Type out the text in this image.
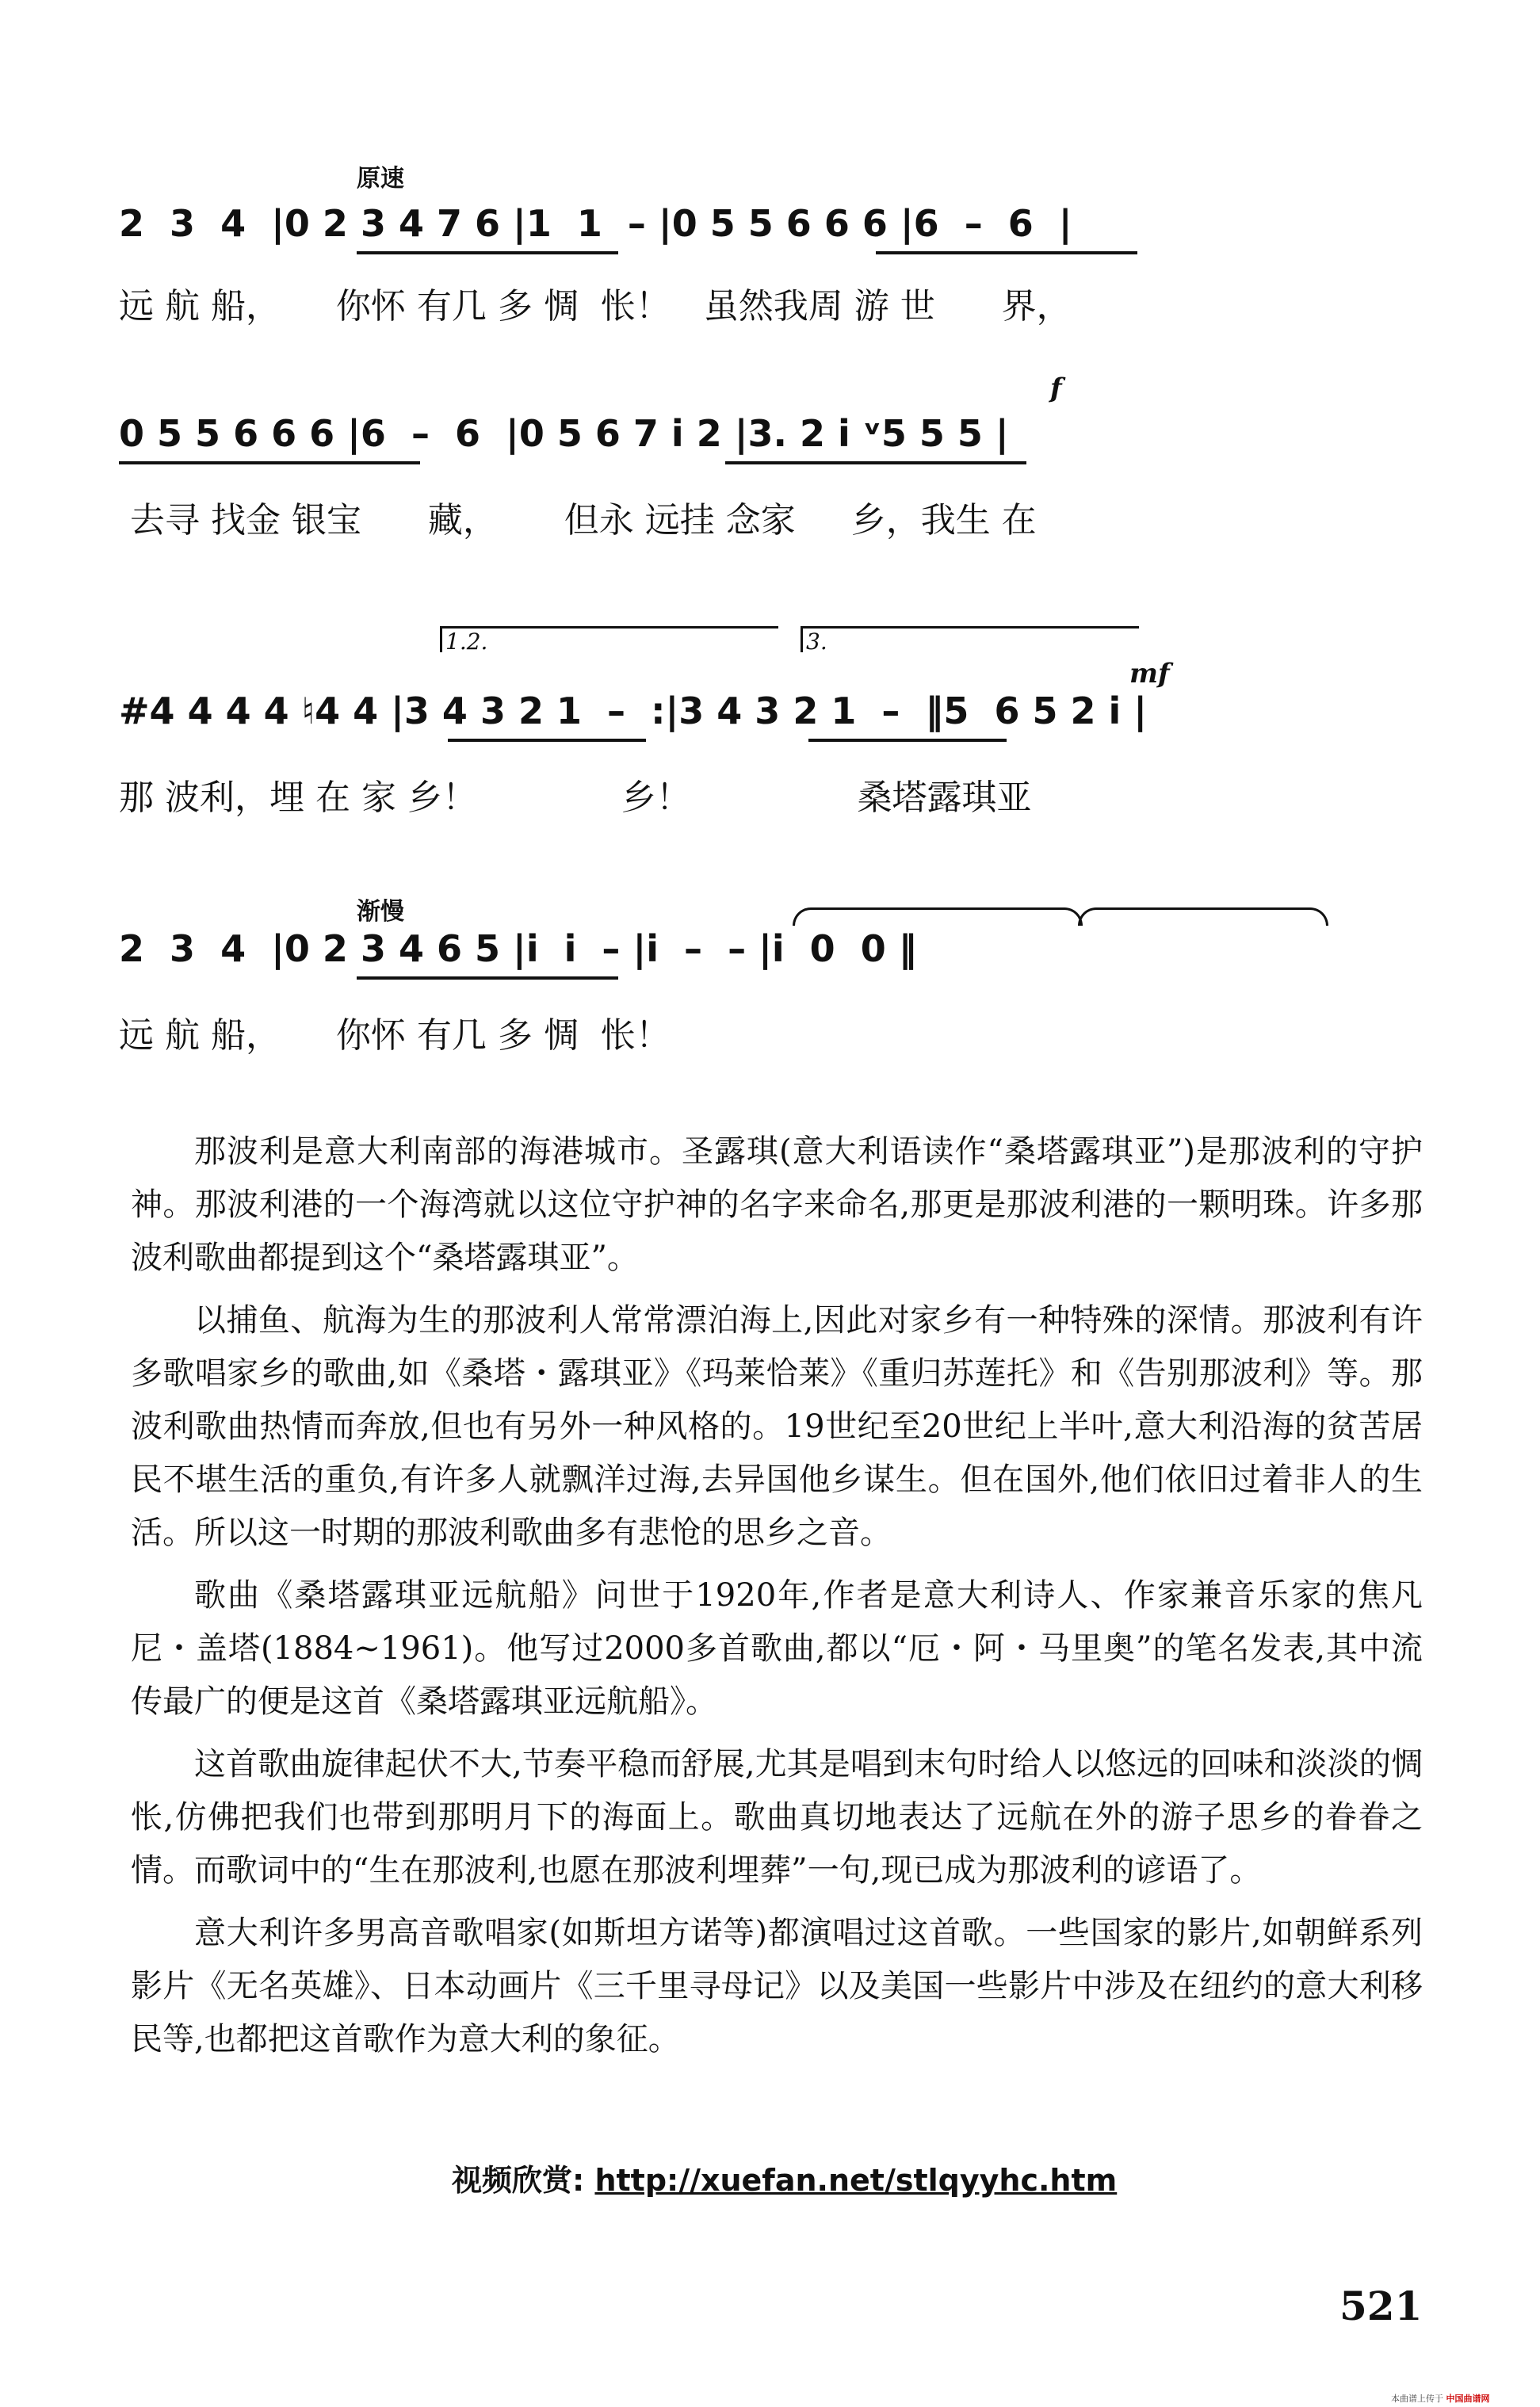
原速
2  3  4  |0 2 3 4 7 6 |1  1  – |0 5 5 6 6 6 |6  –  6  |
远 航 船，     你怀 有几 多 惆  怅！   虽然我周 游 世      界，
f
0 5 5 6 6 6 |6  –  6  |0 5 6 7 i 2 |3. 2 i ᵛ5 5 5 |
去寻 找金 银宝      藏，      但永 远挂 念家     乡，我生 在
1.2.	3.
mf
#4 4 4 4 ♮4 4 |3 4 3 2 1  –  :|3 4 3 2 1  –  ‖5  6 5 2 i |
那 波利，埋 在 家 乡！             乡！               桑塔露琪亚
渐慢
2  3  4  |0 2 3 4 6 5 |i  i  – |i  –  – |i  0  0 ‖
远 航 船，     你怀 有几 多 惆  怅！

那波利是意大利南部的海港城市。圣露琪(意大利语读作“桑塔露琪亚”)是那波利的守护神。那波利港的一个海湾就以这位守护神的名字来命名,那更是那波利港的一颗明珠。许多那波利歌曲都提到这个“桑塔露琪亚”。

以捕鱼、航海为生的那波利人常常漂泊海上,因此对家乡有一种特殊的深情。那波利有许多歌唱家乡的歌曲,如《桑塔・露琪亚》《玛莱恰莱》《重归苏莲托》和《告别那波利》等。那波利歌曲热情而奔放,但也有另外一种风格的。19世纪至20世纪上半叶,意大利沿海的贫苦居民不堪生活的重负,有许多人就飘洋过海,去异国他乡谋生。但在国外,他们依旧过着非人的生活。所以这一时期的那波利歌曲多有悲怆的思乡之音。

歌曲《桑塔露琪亚远航船》问世于1920年,作者是意大利诗人、作家兼音乐家的焦凡尼・盖塔(1884~1961)。他写过2000多首歌曲,都以“厄・阿・马里奥”的笔名发表,其中流传最广的便是这首《桑塔露琪亚远航船》。

这首歌曲旋律起伏不大,节奏平稳而舒展,尤其是唱到末句时给人以悠远的回味和淡淡的惆怅,仿佛把我们也带到那明月下的海面上。歌曲真切地表达了远航在外的游子思乡的眷眷之情。而歌词中的“生在那波利,也愿在那波利埋葬”一句,现已成为那波利的谚语了。

意大利许多男高音歌唱家(如斯坦方诺等)都演唱过这首歌。一些国家的影片,如朝鲜系列影片《无名英雄》、日本动画片《三千里寻母记》以及美国一些影片中涉及在纽约的意大利移民等,也都把这首歌作为意大利的象征。

视频欣赏: http://xuefan.net/stlqyyhc.htm
521
本曲谱上传于 中国曲谱网
